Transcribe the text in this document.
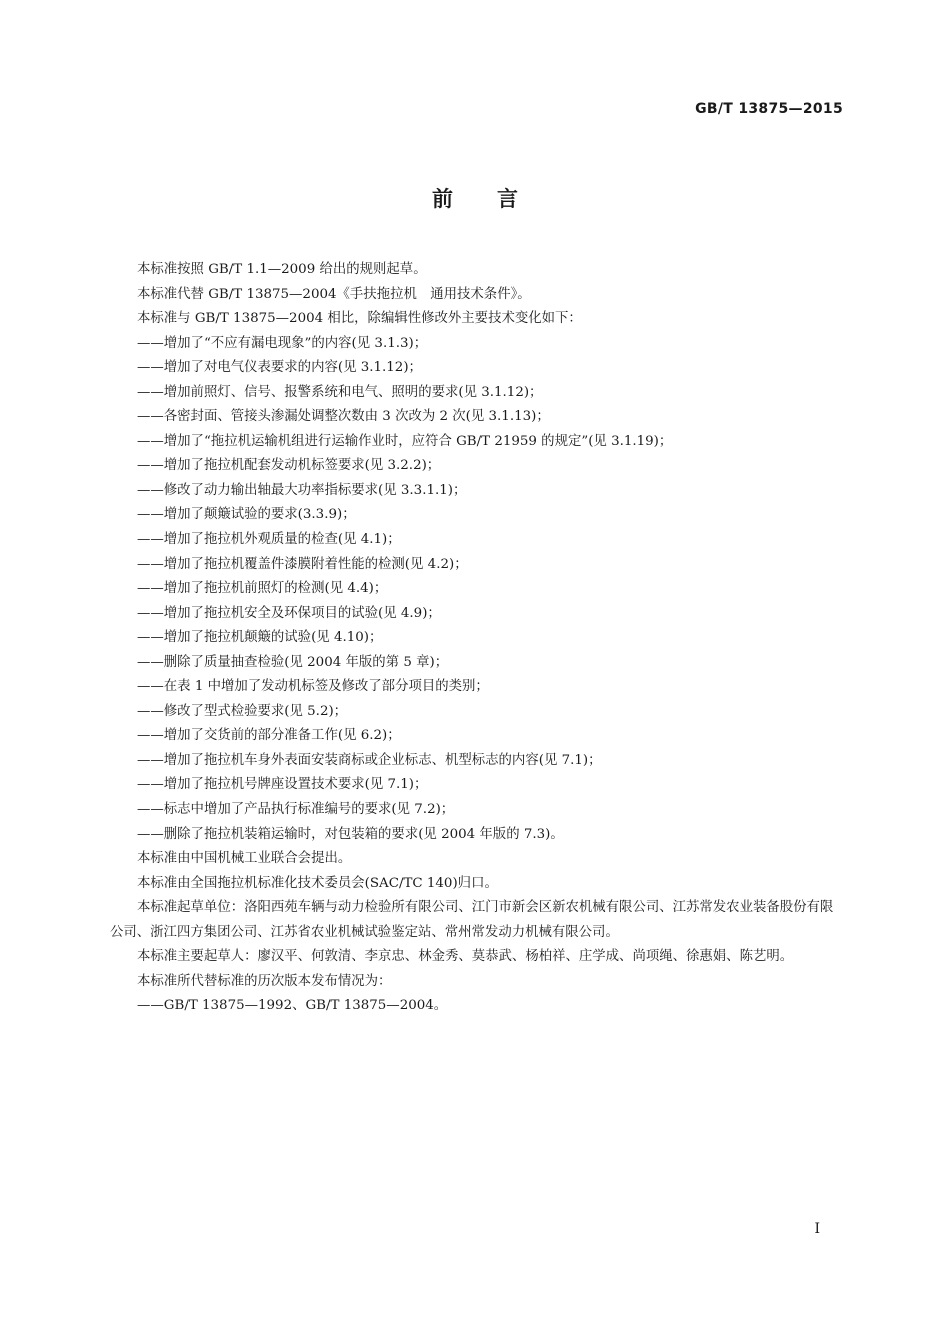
GB/T 13875—2015
前言

本标准按照 GB/T 1.1—2009 给出的规则起草。

本标准代替 GB/T 13875—2004《手扶拖拉机　通用技术条件》。

本标准与 GB/T 13875—2004 相比，除编辑性修改外主要技术变化如下：

——增加了“不应有漏电现象”的内容(见 3.1.3)；

——增加了对电气仪表要求的内容(见 3.1.12)；

——增加前照灯、信号、报警系统和电气、照明的要求(见 3.1.12)；

——各密封面、管接头渗漏处调整次数由 3 次改为 2 次(见 3.1.13)；

——增加了“拖拉机运输机组进行运输作业时，应符合 GB/T 21959 的规定”(见 3.1.19)；

——增加了拖拉机配套发动机标签要求(见 3.2.2)；

——修改了动力输出轴最大功率指标要求(见 3.3.1.1)；

——增加了颠簸试验的要求(3.3.9)；

——增加了拖拉机外观质量的检查(见 4.1)；

——增加了拖拉机覆盖件漆膜附着性能的检测(见 4.2)；

——增加了拖拉机前照灯的检测(见 4.4)；

——增加了拖拉机安全及环保项目的试验(见 4.9)；

——增加了拖拉机颠簸的试验(见 4.10)；

——删除了质量抽查检验(见 2004 年版的第 5 章)；

——在表 1 中增加了发动机标签及修改了部分项目的类别；

——修改了型式检验要求(见 5.2)；

——增加了交货前的部分准备工作(见 6.2)；

——增加了拖拉机车身外表面安装商标或企业标志、机型标志的内容(见 7.1)；

——增加了拖拉机号牌座设置技术要求(见 7.1)；

——标志中增加了产品执行标准编号的要求(见 7.2)；

——删除了拖拉机装箱运输时，对包装箱的要求(见 2004 年版的 7.3)。

本标准由中国机械工业联合会提出。

本标准由全国拖拉机标准化技术委员会(SAC/TC 140)归口。

本标准起草单位：洛阳西苑车辆与动力检验所有限公司、江门市新会区新农机械有限公司、江苏常发农业装备股份有限公司、浙江四方集团公司、江苏省农业机械试验鉴定站、常州常发动力机械有限公司。

本标准主要起草人：廖汉平、何敦清、李京忠、林金秀、莫恭武、杨柏祥、庄学成、尚项绳、徐惠娟、陈艺明。

本标准所代替标准的历次版本发布情况为：

——GB/T 13875—1992、GB/T 13875—2004。

I
